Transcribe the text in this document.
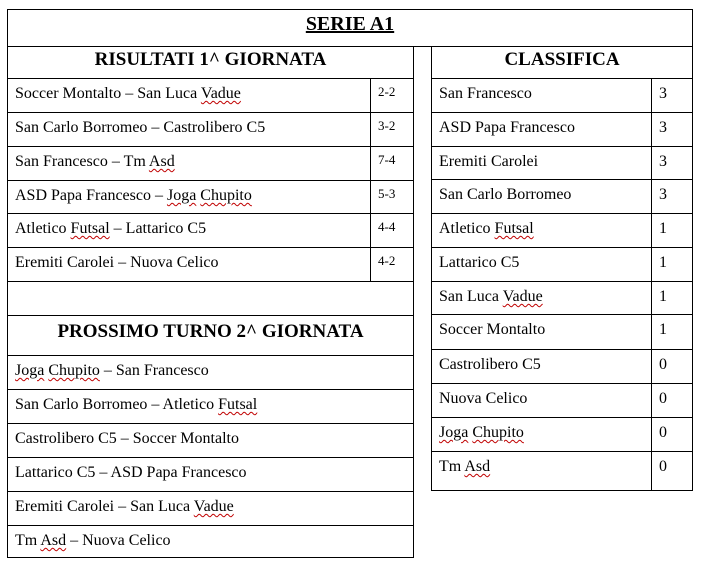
SERIE A1
RISULTATI 1^ GIORNATA
PROSSIMO TURNO 2^ GIORNATA
CLASSIFICA
Soccer Montalto – San Luca Vadue	2-2
San Carlo Borromeo – Castrolibero C5	3-2
San Francesco – Tm Asd	7-4
ASD Papa Francesco – Joga Chupito	5-3
Atletico Futsal – Lattarico C5	4-4
Eremiti Carolei – Nuova Celico	4-2
Joga Chupito – San Francesco
San Carlo Borromeo – Atletico Futsal
Castrolibero C5 – Soccer Montalto
Lattarico C5 – ASD Papa Francesco
Eremiti Carolei – San Luca Vadue
Tm Asd – Nuova Celico
San Francesco	3
ASD Papa Francesco	3
Eremiti Carolei	3
San Carlo Borromeo	3
Atletico Futsal	1
Lattarico C5	1
San Luca Vadue	1
Soccer Montalto	1
Castrolibero C5	0
Nuova Celico	0
Joga Chupito	0
Tm Asd	0
